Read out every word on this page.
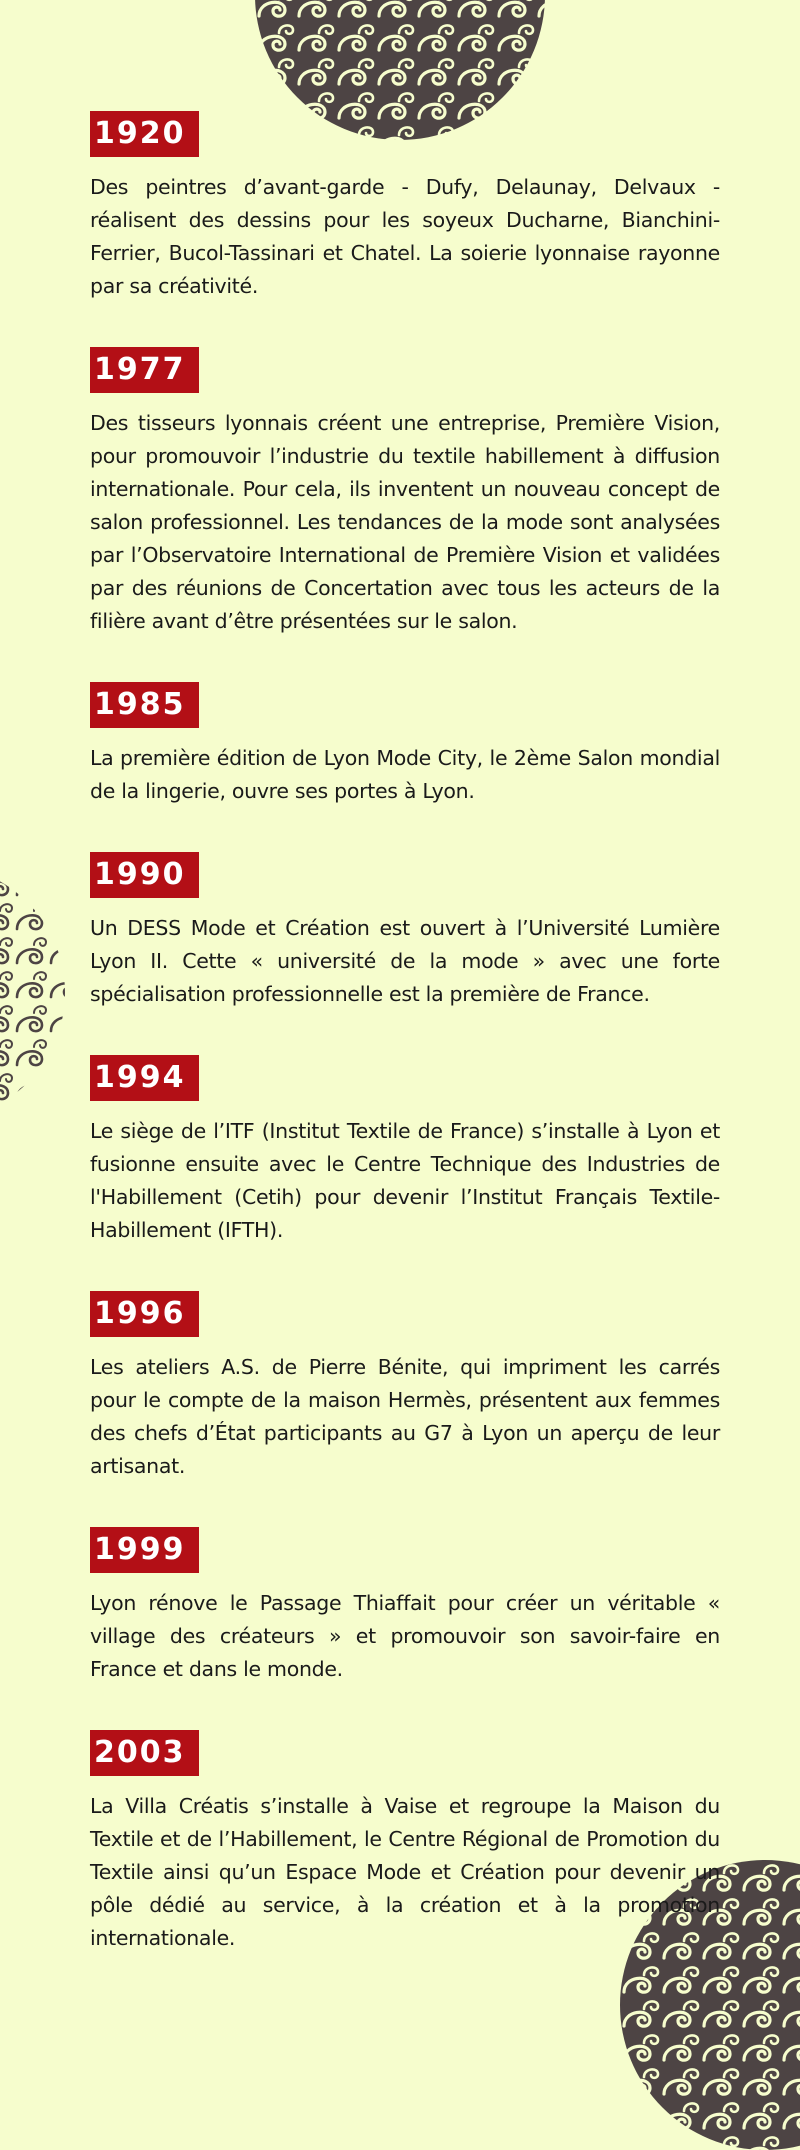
1920

Des peintres d’avant-garde - Dufy, Delaunay, Delvaux - réalisent des dessins pour les soyeux Ducharne, Bianchini-Ferrier, Bucol-Tassinari et Chatel. La soierie lyonnaise rayonne par sa créativité.

1977

Des tisseurs lyonnais créent une entreprise, Première Vision, pour promouvoir l’industrie du textile habillement à diffusion internationale. Pour cela, ils inventent un nouveau concept de salon professionnel. Les tendances de la mode sont analysées par l’Observatoire International de Première Vision et validées par des réunions de Concertation avec tous les acteurs de la filière avant d’être présentées sur le salon.

1985

La première édition de Lyon Mode City, le 2ème Salon mondial de la lingerie, ouvre ses portes à Lyon.

1990

Un DESS Mode et Création est ouvert à l’Université Lumière Lyon II. Cette « université de la mode » avec une forte spécialisation professionnelle est la première de France.

1994

Le siège de l’ITF (Institut Textile de France) s’installe à Lyon et fusionne ensuite avec le Centre Technique des Industries de l'Habillement (Cetih) pour devenir l’Institut Français Textile-Habillement (IFTH).

1996

Les ateliers A.S. de Pierre Bénite, qui impriment les carrés pour le compte de la maison Hermès, présentent aux femmes des chefs d’État participants au G7 à Lyon un aperçu de leur artisanat.

1999

Lyon rénove le Passage Thiaffait pour créer un véritable « village des créateurs » et promouvoir son savoir-faire en France et dans le monde.

2003

La Villa Créatis s’installe à Vaise et regroupe la Maison du Textile et de l’Habillement, le Centre Régional de Promotion du Textile ainsi qu’un Espace Mode et Création pour devenir un pôle dédié au service, à la création et à la promotion internationale.
